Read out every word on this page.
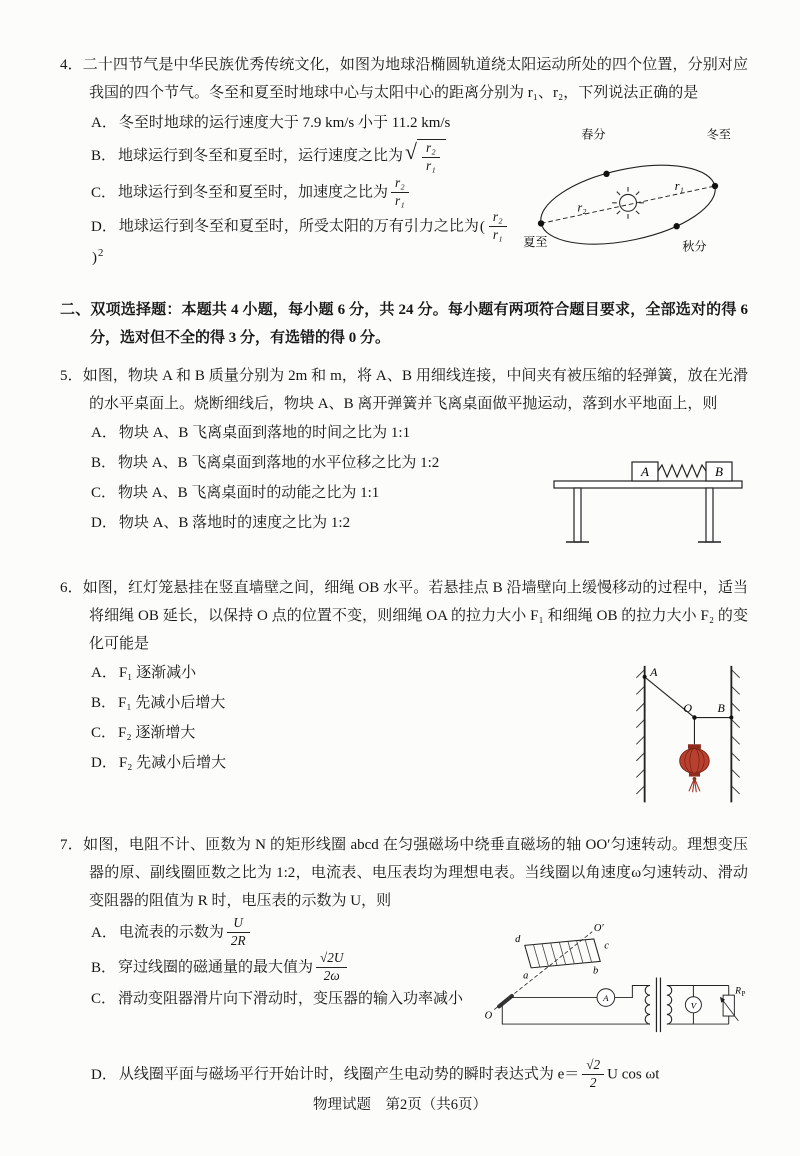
4．二十四节气是中华民族优秀传统文化，如图为地球沿椭圆轨道绕太阳运动所处的四个位置，分别对应我国的四个节气。冬至和夏至时地球中心与太阳中心的距离分别为 r₁、r₂，下列说法正确的是

春分	冬至
夏至	秋分
r₂
r₁

A． 冬至时地球的运行速度大于 7.9 km/s 小于 11.2 km/s

B． 地球运行到冬至和夏至时，运行速度之比为 √ $\frac{\text{r₂}}{\text{r₁}}$

C． 地球运行到冬至和夏至时，加速度之比为 $\frac{\text{r₂}}{\text{r₁}}$

D． 地球运行到冬至和夏至时，所受太阳的万有引力之比为( $\frac{\text{r₂}}{\text{r₁}}$
)$^2$

二、双项选择题：本题共 4 小题，每小题 6 分，共 24 分。每小题有两项符合题目要求，全部选对的得 6 分，选对但不全的得 3 分，有选错的得 0 分。

5．如图，物块 A 和 B 质量分别为 2m 和 m，将 A、B 用细线连接，中间夹有被压缩的轻弹簧，放在光滑的水平桌面上。烧断细线后，物块 A、B 离开弹簧并飞离桌面做平抛运动，落到水平地面上，则

A	B

A． 物块 A、B 飞离桌面到落地的时间之比为 1:1

B． 物块 A、B 飞离桌面到落地的水平位移之比为 1:2

C． 物块 A、B 飞离桌面时的动能之比为 1:1

D． 物块 A、B 落地时的速度之比为 1:2

6．如图，红灯笼悬挂在竖直墙壁之间，细绳 OB 水平。若悬挂点 B 沿墙壁向上缓慢移动的过程中，适当将细绳 OB 延长，以保持 O 点的位置不变，则细绳 OA 的拉力大小 F₁ 和细绳 OB 的拉力大小 F₂ 的变化可能是

A
O B

A． F₁ 逐渐减小

B． F₁ 先减小后增大

C． F₂ 逐渐增大

D． F₂ 先减小后增大

7．如图，电阻不计、匝数为 N 的矩形线圈 abcd 在匀强磁场中绕垂直磁场的轴 OO′匀速转动。理想变压器的原、副线圈匝数之比为 1:2，电流表、电压表均为理想电表。当线圈以角速度ω匀速转动、滑动变阻器的阻值为 R 时，电压表的示数为 U，则

O
O′
d
a	b
c
A
V
R P

A． 电流表的示数为 $\frac{U}{2R}$

B． 穿过线圈的磁通量的最大值为 $\frac{√2U}{2\omega}$

C． 滑动变阻器滑片向下滑动时，变压器的输入功率减小

D． 从线圈平面与磁场平行开始计时，线圈产生电动势的瞬时表达式为 $e= \frac{√2}{2}$ U cos ωt

物理试题　第2页（共6页）
